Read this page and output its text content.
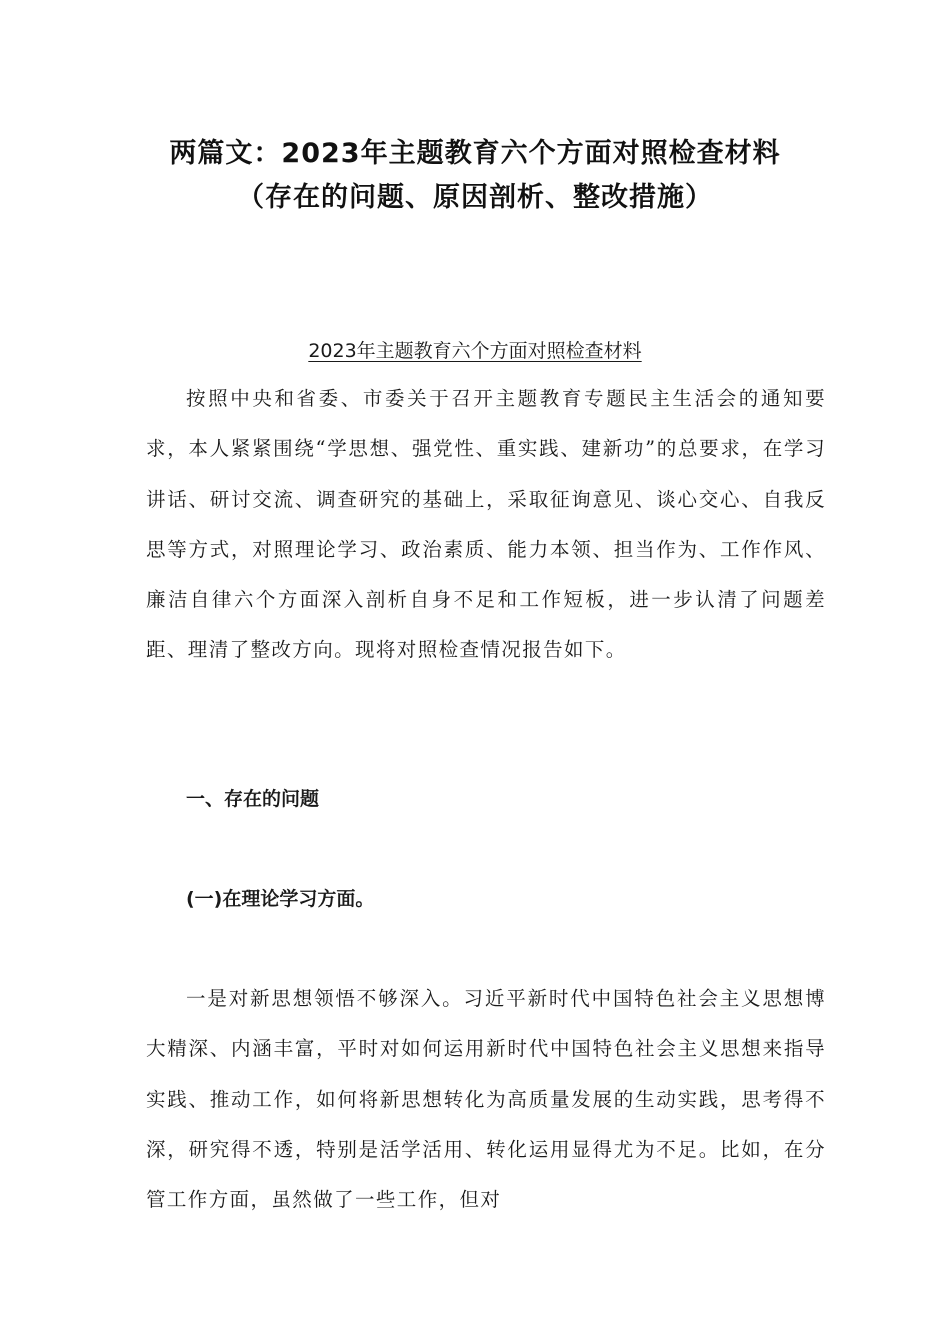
两篇文：2023年主题教育六个方面对照检查材料
（存在的问题、原因剖析、整改措施）
2023年主题教育六个方面对照检查材料

按照中央和省委、市委关于召开主题教育专题民主生活会的通知要求，本人紧紧围绕“学思想、强党性、重实践、建新功”的总要求，在学习讲话、研讨交流、调查研究的基础上，采取征询意见、谈心交心、自我反思等方式，对照理论学习、政治素质、能力本领、担当作为、工作作风、廉洁自律六个方面深入剖析自身不足和工作短板，进一步认清了问题差距、理清了整改方向。现将对照检查情况报告如下。

一、存在的问题
(一)在理论学习方面。

一是对新思想领悟不够深入。习近平新时代中国特色社会主义思想博大精深、内涵丰富，平时对如何运用新时代中国特色社会主义思想来指导实践、推动工作，如何将新思想转化为高质量发展的生动实践，思考得不深，研究得不透，特别是活学活用、转化运用显得尤为不足。比如，在分管工作方面，虽然做了一些工作，但对
